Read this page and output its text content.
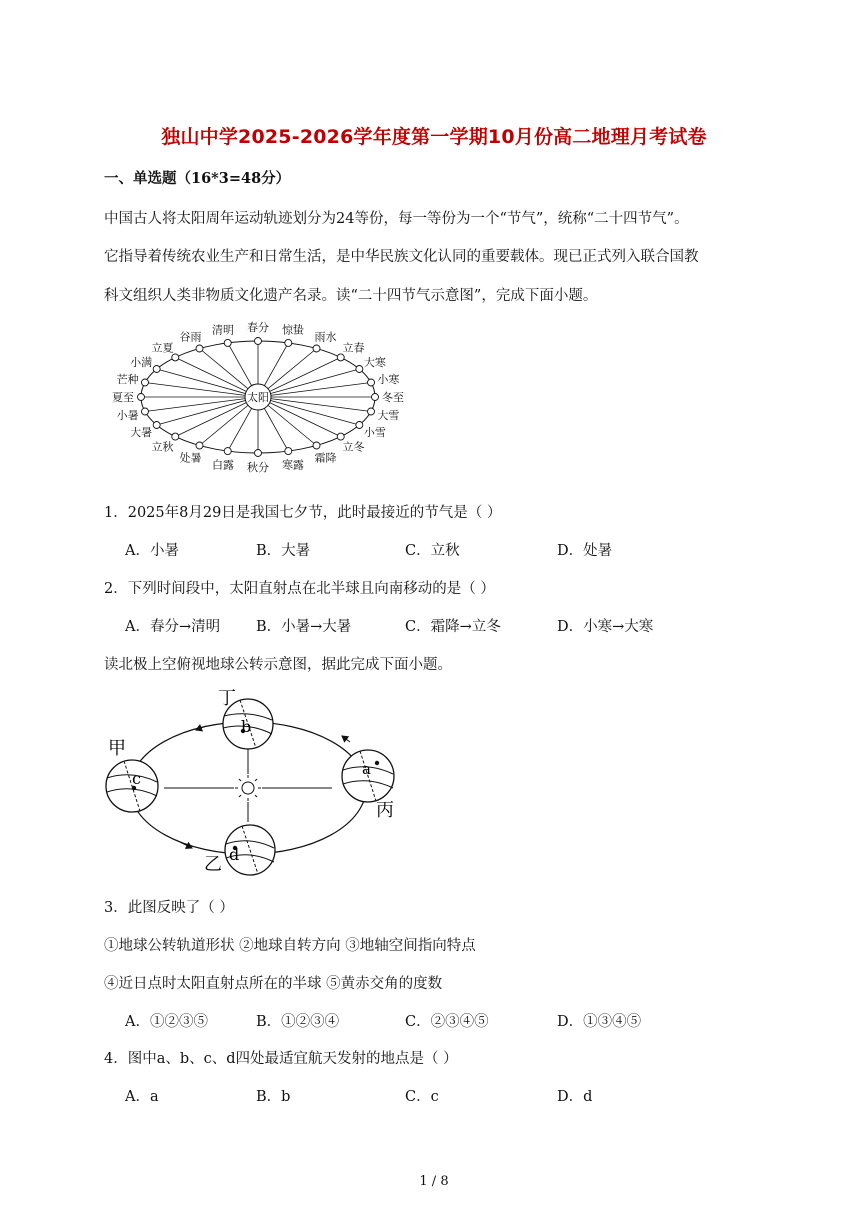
独山中学2025-2026学年度第一学期10月份高二地理月考试卷
一、单选题（16*3=48分）
中国古人将太阳周年运动轨迹划分为24等份，每一等份为一个“节气”，统称“二十四节气”。
它指导着传统农业生产和日常生活，是中华民族文化认同的重要载体。现已正式列入联合国教
科文组织人类非物质文化遗产名录。读“二十四节气示意图”，完成下面小题。
冬至
小寒
大寒
立春
雨水
惊蛰
春分
清明
谷雨
立夏
小满
芒种
夏至
小暑
大暑
立秋
处暑
白露 秋分 寒露
霜降
立冬
小雪
大雪
太阳
1．2025年8月29日是我国七夕节，此时最接近的节气是（ ）
A．小暑	B．大暑	C．立秋	D．处暑
2．下列时间段中，太阳直射点在北半球且向南移动的是（ ）
A．春分→清明 B．小暑→大暑	C．霜降→立冬	D．小寒→大寒
读北极上空俯视地球公转示意图，据此完成下面小题。
丁
甲
丙
乙
a
b
c
d
3．此图反映了（ ）
①地球公转轨道形状 ②地球自转方向 ③地轴空间指向特点
④近日点时太阳直射点所在的半球 ⑤黄赤交角的度数
A．①②③⑤	B．①②③④	C．②③④⑤	D．①③④⑤
4．图中a、b、c、d四处最适宜航天发射的地点是（ ）
A．a	B．b	C．c	D．d
1 / 8
